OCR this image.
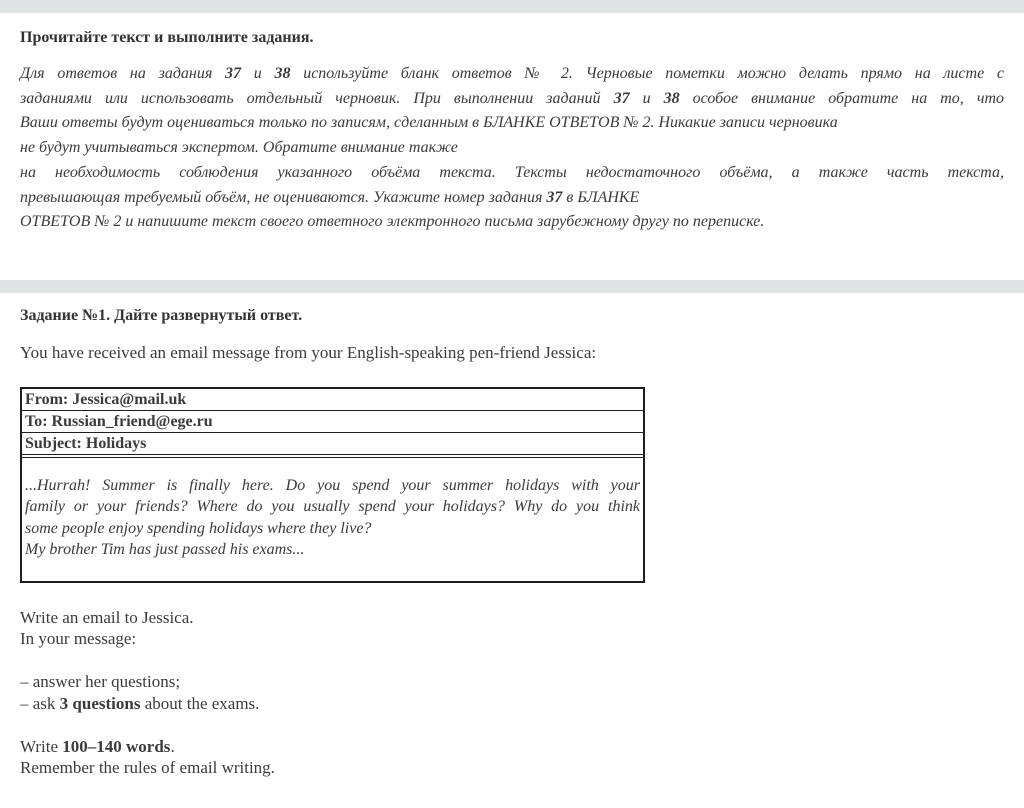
Прочитайте текст и выполните задания.
Для ответов на задания 37 и 38 используйте бланк ответов № 2. Черновые пометки можно делать прямо на листе с
заданиями или использовать отдельный черновик. При выполнении заданий 37 и 38 особое внимание обратите на то, что
Ваши ответы будут оцениваться только по записям, сделанным в БЛАНКЕ ОТВЕТОВ № 2. Никакие записи черновика
не будут учитываться экспертом. Обратите внимание также
на необходимость соблюдения указанного объёма текста. Тексты недостаточного объёма, а также часть текста,
превышающая требуемый объём, не оцениваются. Укажите номер задания 37 в БЛАНКЕ
ОТВЕТОВ № 2 и напишите текст своего ответного электронного письма зарубежному другу по переписке.
Задание №1. Дайте развернутый ответ.
You have received an email message from your English-speaking pen-friend Jessica:
From: Jessica@mail.uk
To: Russian_friend@ege.ru
Subject: Holidays
...Hurrah! Summer is finally here. Do you spend your summer holidays with your
family or your friends? Where do you usually spend your holidays? Why do you think
some people enjoy spending holidays where they live?
My brother Tim has just passed his exams...
Write an email to Jessica.
In your message:
– answer her questions;
– ask 3 questions about the exams.
Write 100–140 words.
Remember the rules of email writing.
